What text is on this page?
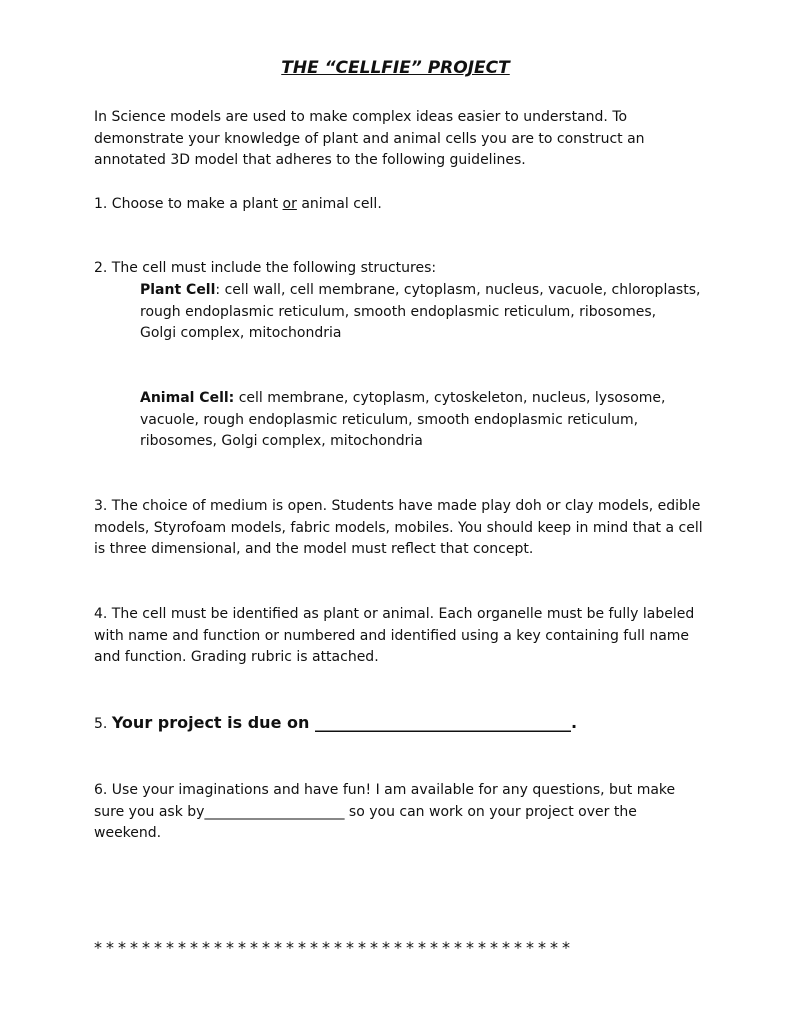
THE “CELLFIE” PROJECT
In Science models are used to make complex ideas easier to understand. To
demonstrate your knowledge of plant and animal cells you are to construct an
annotated 3D model that adheres to the following guidelines.
1. Choose to make a plant or animal cell.
2. The cell must include the following structures:
Plant Cell: cell wall, cell membrane, cytoplasm, nucleus, vacuole, chloroplasts,
rough endoplasmic reticulum, smooth endoplasmic reticulum, ribosomes,
Golgi complex, mitochondria
Animal Cell: cell membrane, cytoplasm, cytoskeleton, nucleus, lysosome,
vacuole, rough endoplasmic reticulum, smooth endoplasmic reticulum,
ribosomes, Golgi complex, mitochondria
3. The choice of medium is open. Students have made play doh or clay models, edible
models, Styrofoam models, fabric models, mobiles. You should keep in mind that a cell
is three dimensional, and the model must reflect that concept.
4. The cell must be identified as plant or animal. Each organelle must be fully labeled
with name and function or numbered and identified using a key containing full name
and function. Grading rubric is attached.
5. Your project is due on ________________________________.
6. Use your imaginations and have fun! I am available for any questions, but make
sure you ask by____________________ so you can work on your project over the
weekend.
****************************************
